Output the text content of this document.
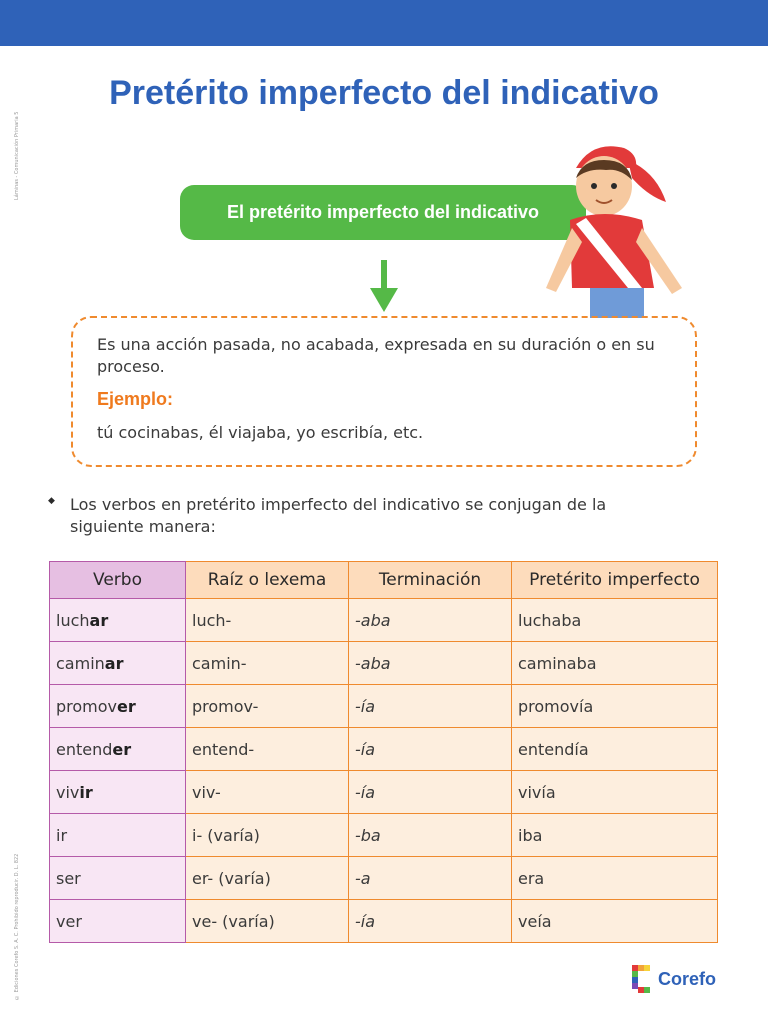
Láminas - Comunicación Primaria 5
© Ediciones Corefo S. A. C. Prohibido reproducir. D. L. 822
Pretérito imperfecto del indicativo
El pretérito imperfecto del indicativo
Es una acción pasada, no acabada, expresada en su duración o en su proceso.
Ejemplo:
tú cocinabas, él viajaba, yo escribía, etc.
◆ Los verbos en pretérito imperfecto del indicativo se conjugan de la siguiente manera:
Verbo	Raíz o lexema	Terminación	Pretérito imperfecto
luchar	luch-	-aba	luchaba
caminar	camin-	-aba	caminaba
promover	promov-	-ía	promovía
entender	entend-	-ía	entendía
vivir	viv-	-ía	vivía
ir	i- (varía)	-ba	iba
ser	er- (varía)	-a	era
ver	ve- (varía)	-ía	veía
Corefo
